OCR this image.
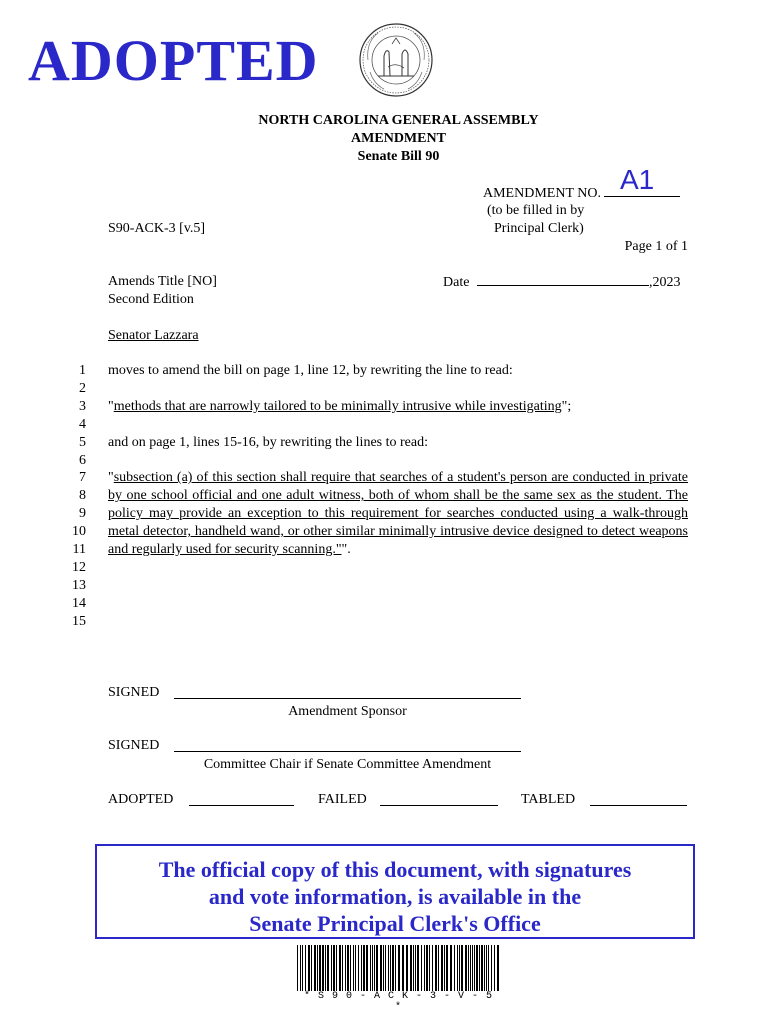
ADOPTED
NORTH CAROLINA GENERAL ASSEMBLY
AMENDMENT
Senate Bill 90
AMENDMENT NO. A1
(to be filled in by
Principal Clerk)
S90-ACK-3 [v.5]
Page 1 of 1
Amends Title [NO]
Second Edition
Date	,2023
Senator Lazzara
1
2
3
4
5
6
7
8
9
10
11
12
13
14
15
moves to amend the bill on page 1, line 12, by rewriting the line to read:
"methods that are narrowly tailored to be minimally intrusive while investigating";
and on page 1, lines 15-16, by rewriting the lines to read:
"subsection (a) of this section shall require that searches of a student's person are conducted in private by one school official and one adult witness, both of whom shall be the same sex as the student. The policy may provide an exception to this requirement for searches conducted using a walk-through metal detector, handheld wand, or other similar minimally intrusive device designed to detect weapons and regularly used for security scanning."".
SIGNED
Amendment Sponsor
SIGNED
Committee Chair if Senate Committee Amendment
ADOPTED	FAILED	TABLED
The official copy of this document, with signatures
and vote information, is available in the
Senate Principal Clerk's Office
* S 9 0 - A C K - 3 - V - 5 *
